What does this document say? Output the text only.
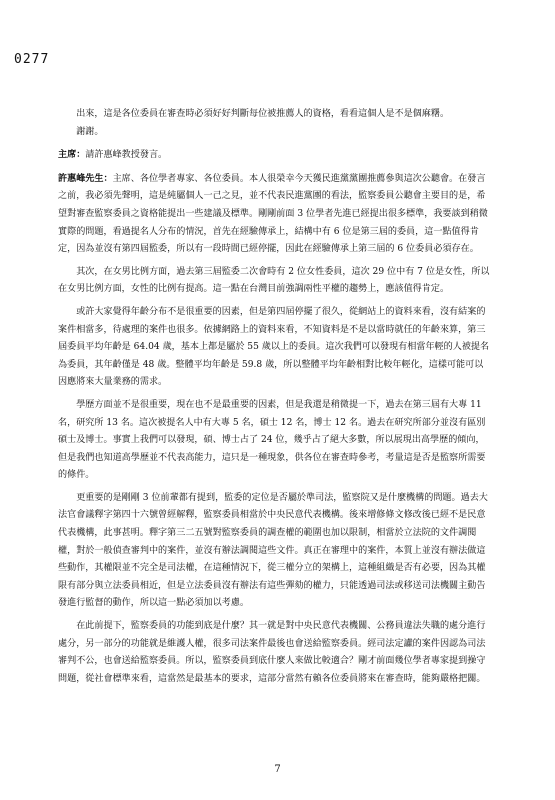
0277

出來，這是各位委員在審查時必須好好判斷每位被推薦人的資格，看看這個人是不是個麻糬。

謝謝。

主席：請許惠峰教授發言。

許惠峰先生：主席、各位學者專家、各位委員。本人很榮幸今天獲民進黨黨團推薦參與這次公聽會。在發言之前，我必須先聲明，這是純屬個人一己之見，並不代表民進黨團的看法，監察委員公聽會主要目的是，希望對審查監察委員之資格能提出一些建議及標準。剛剛前面 3 位學者先進已經提出很多標準，我要談到稍微實際的問題，看過提名人分布的情況，首先在經驗傳承上，結構中有 6 位是第三屆的委員，這一點值得肯定，因為並沒有第四屆監委，所以有一段時間已經停擺，因此在經驗傳承上第三屆的 6 位委員必須存在。

其次，在女男比例方面，過去第三屆監委二次會時有 2 位女性委員，這次 29 位中有 7 位是女性，所以在女男比例方面，女性的比例有提高。這一點在台灣目前強調兩性平權的趨勢上，應該值得肯定。

或許大家覺得年齡分布不是很重要的因素，但是第四屆停擺了很久，從網站上的資料來看，沒有結案的案件相當多，待處理的案件也很多。依據網路上的資料來看，不知資料是不是以當時就任的年齡來算，第三屆委員平均年齡是 64.04 歲，基本上都是屬於 55 歲以上的委員。這次我們可以發現有相當年輕的人被提名為委員，其年齡僅是 48 歲。整體平均年齡是 59.8 歲，所以整體平均年齡相對比較年輕化，這樣可能可以因應將來大量業務的需求。

學歷方面並不是很重要，現在也不是最重要的因素，但是我還是稍微提一下，過去在第三屆有大專 11 名，研究所 13 名。這次被提名人中有大專 5 名，碩士 12 名，博士 12 名。過去在研究所部分並沒有區別碩士及博士。事實上我們可以發現，碩、博士占了 24 位，幾乎占了絕大多數，所以展現出高學歷的傾向，但是我們也知道高學歷並不代表高能力，這只是一種現象，供各位在審查時參考，考量這是否是監察所需要的條件。

更重要的是剛剛 3 位前輩都有提到，監委的定位是否屬於準司法，監察院又是什麼機構的問題。過去大法官會議釋字第四十六號曾經解釋，監察委員相當於中央民意代表機構。後來增修條文修改後已經不是民意代表機構，此事甚明。釋字第三二五號對監察委員的調查權的範圍也加以限制，相當於立法院的文件調閱權，對於一般偵查審判中的案件，並沒有辦法調閱這些文件。真正在審理中的案件，本質上並沒有辦法做這些動作，其權限並不完全是司法權，在這種情況下，從三權分立的架構上，這種組織是否有必要，因為其權限有部分與立法委員相近，但是立法委員沒有辦法有這些彈劾的權力，只能透過司法或移送司法機關主動告發進行監督的動作，所以這一點必須加以考慮。

在此前提下，監察委員的功能到底是什麼？其一就是對中央民意代表機關、公務員違法失職的處分進行處分，另一部分的功能就是維護人權，很多司法案件最後也會送給監察委員。經司法定讞的案件因認為司法審判不公，也會送給監察委員。所以，監察委員到底什麼人來做比較適合？剛才前面幾位學者專家提到操守問題，從社會標準來看，這當然是最基本的要求，這部分當然有賴各位委員將來在審查時，能夠嚴格把關。

7
